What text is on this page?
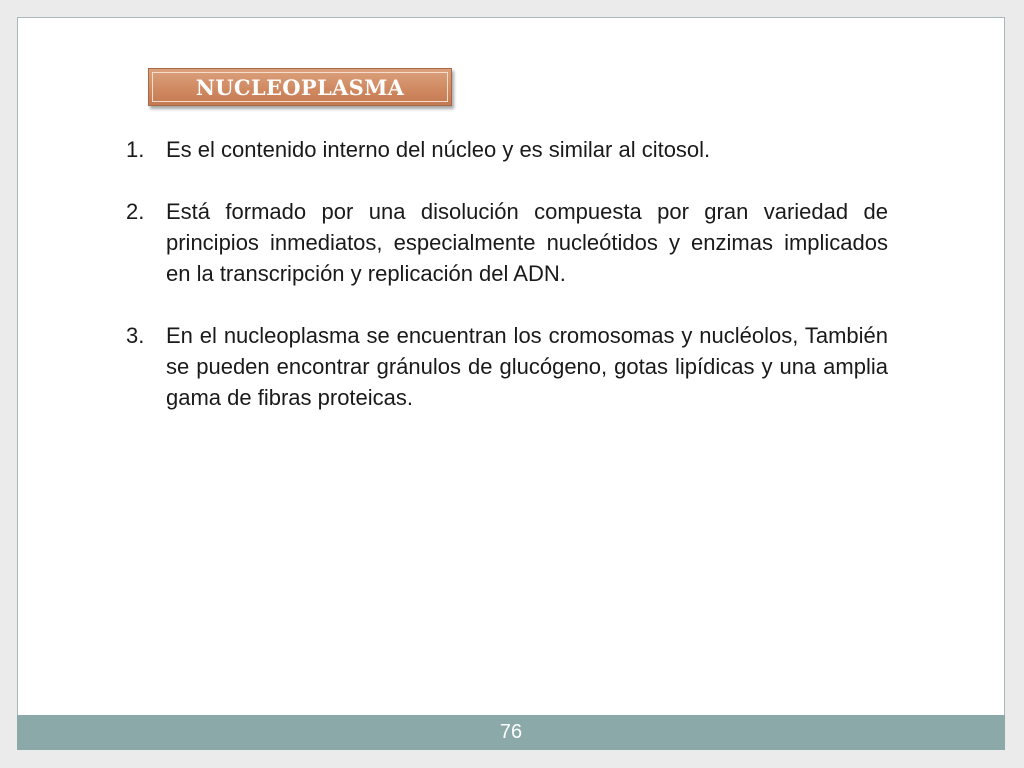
NUCLEOPLASMA
1. Es el contenido interno del núcleo y es similar al citosol.
2. Está formado por una disolución compuesta por gran variedad de principios inmediatos, especialmente nucleótidos y enzimas implicados en la transcripción y replicación del ADN.
3. En el nucleoplasma se encuentran los cromosomas y nucléolos, También se pueden encontrar gránulos de glucógeno, gotas lipídicas y una amplia gama de fibras proteicas.
76
